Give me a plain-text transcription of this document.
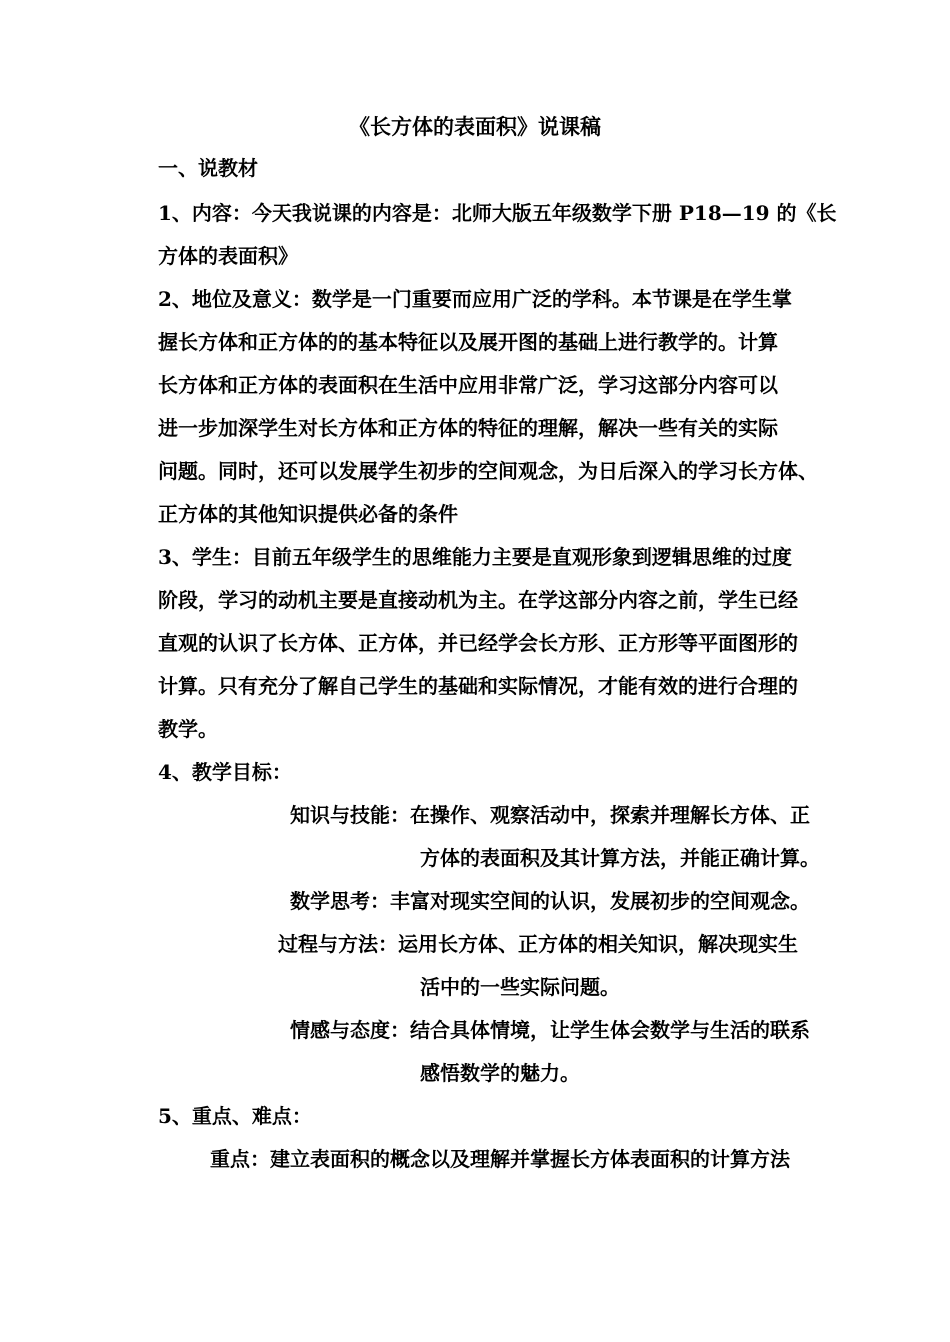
《长方体的表面积》说课稿
一、说教材
1、内容：今天我说课的内容是：北师大版五年级数学下册 P18—19 的《长
方体的表面积》
2、地位及意义：数学是一门重要而应用广泛的学科。本节课是在学生掌
握长方体和正方体的的基本特征以及展开图的基础上进行教学的。计算
长方体和正方体的表面积在生活中应用非常广泛，学习这部分内容可以
进一步加深学生对长方体和正方体的特征的理解，解决一些有关的实际
问题。同时，还可以发展学生初步的空间观念，为日后深入的学习长方体、
正方体的其他知识提供必备的条件
3、学生：目前五年级学生的思维能力主要是直观形象到逻辑思维的过度
阶段，学习的动机主要是直接动机为主。在学这部分内容之前，学生已经
直观的认识了长方体、正方体，并已经学会长方形、正方形等平面图形的
计算。只有充分了解自己学生的基础和实际情况，才能有效的进行合理的
教学。
4、教学目标：
知识与技能：在操作、观察活动中，探索并理解长方体、正
方体的表面积及其计算方法，并能正确计算。
数学思考：丰富对现实空间的认识，发展初步的空间观念。
过程与方法：运用长方体、正方体的相关知识，解决现实生
活中的一些实际问题。
情感与态度：结合具体情境，让学生体会数学与生活的联系
感悟数学的魅力。
5、重点、难点：
重点：建立表面积的概念以及理解并掌握长方体表面积的计算方法
